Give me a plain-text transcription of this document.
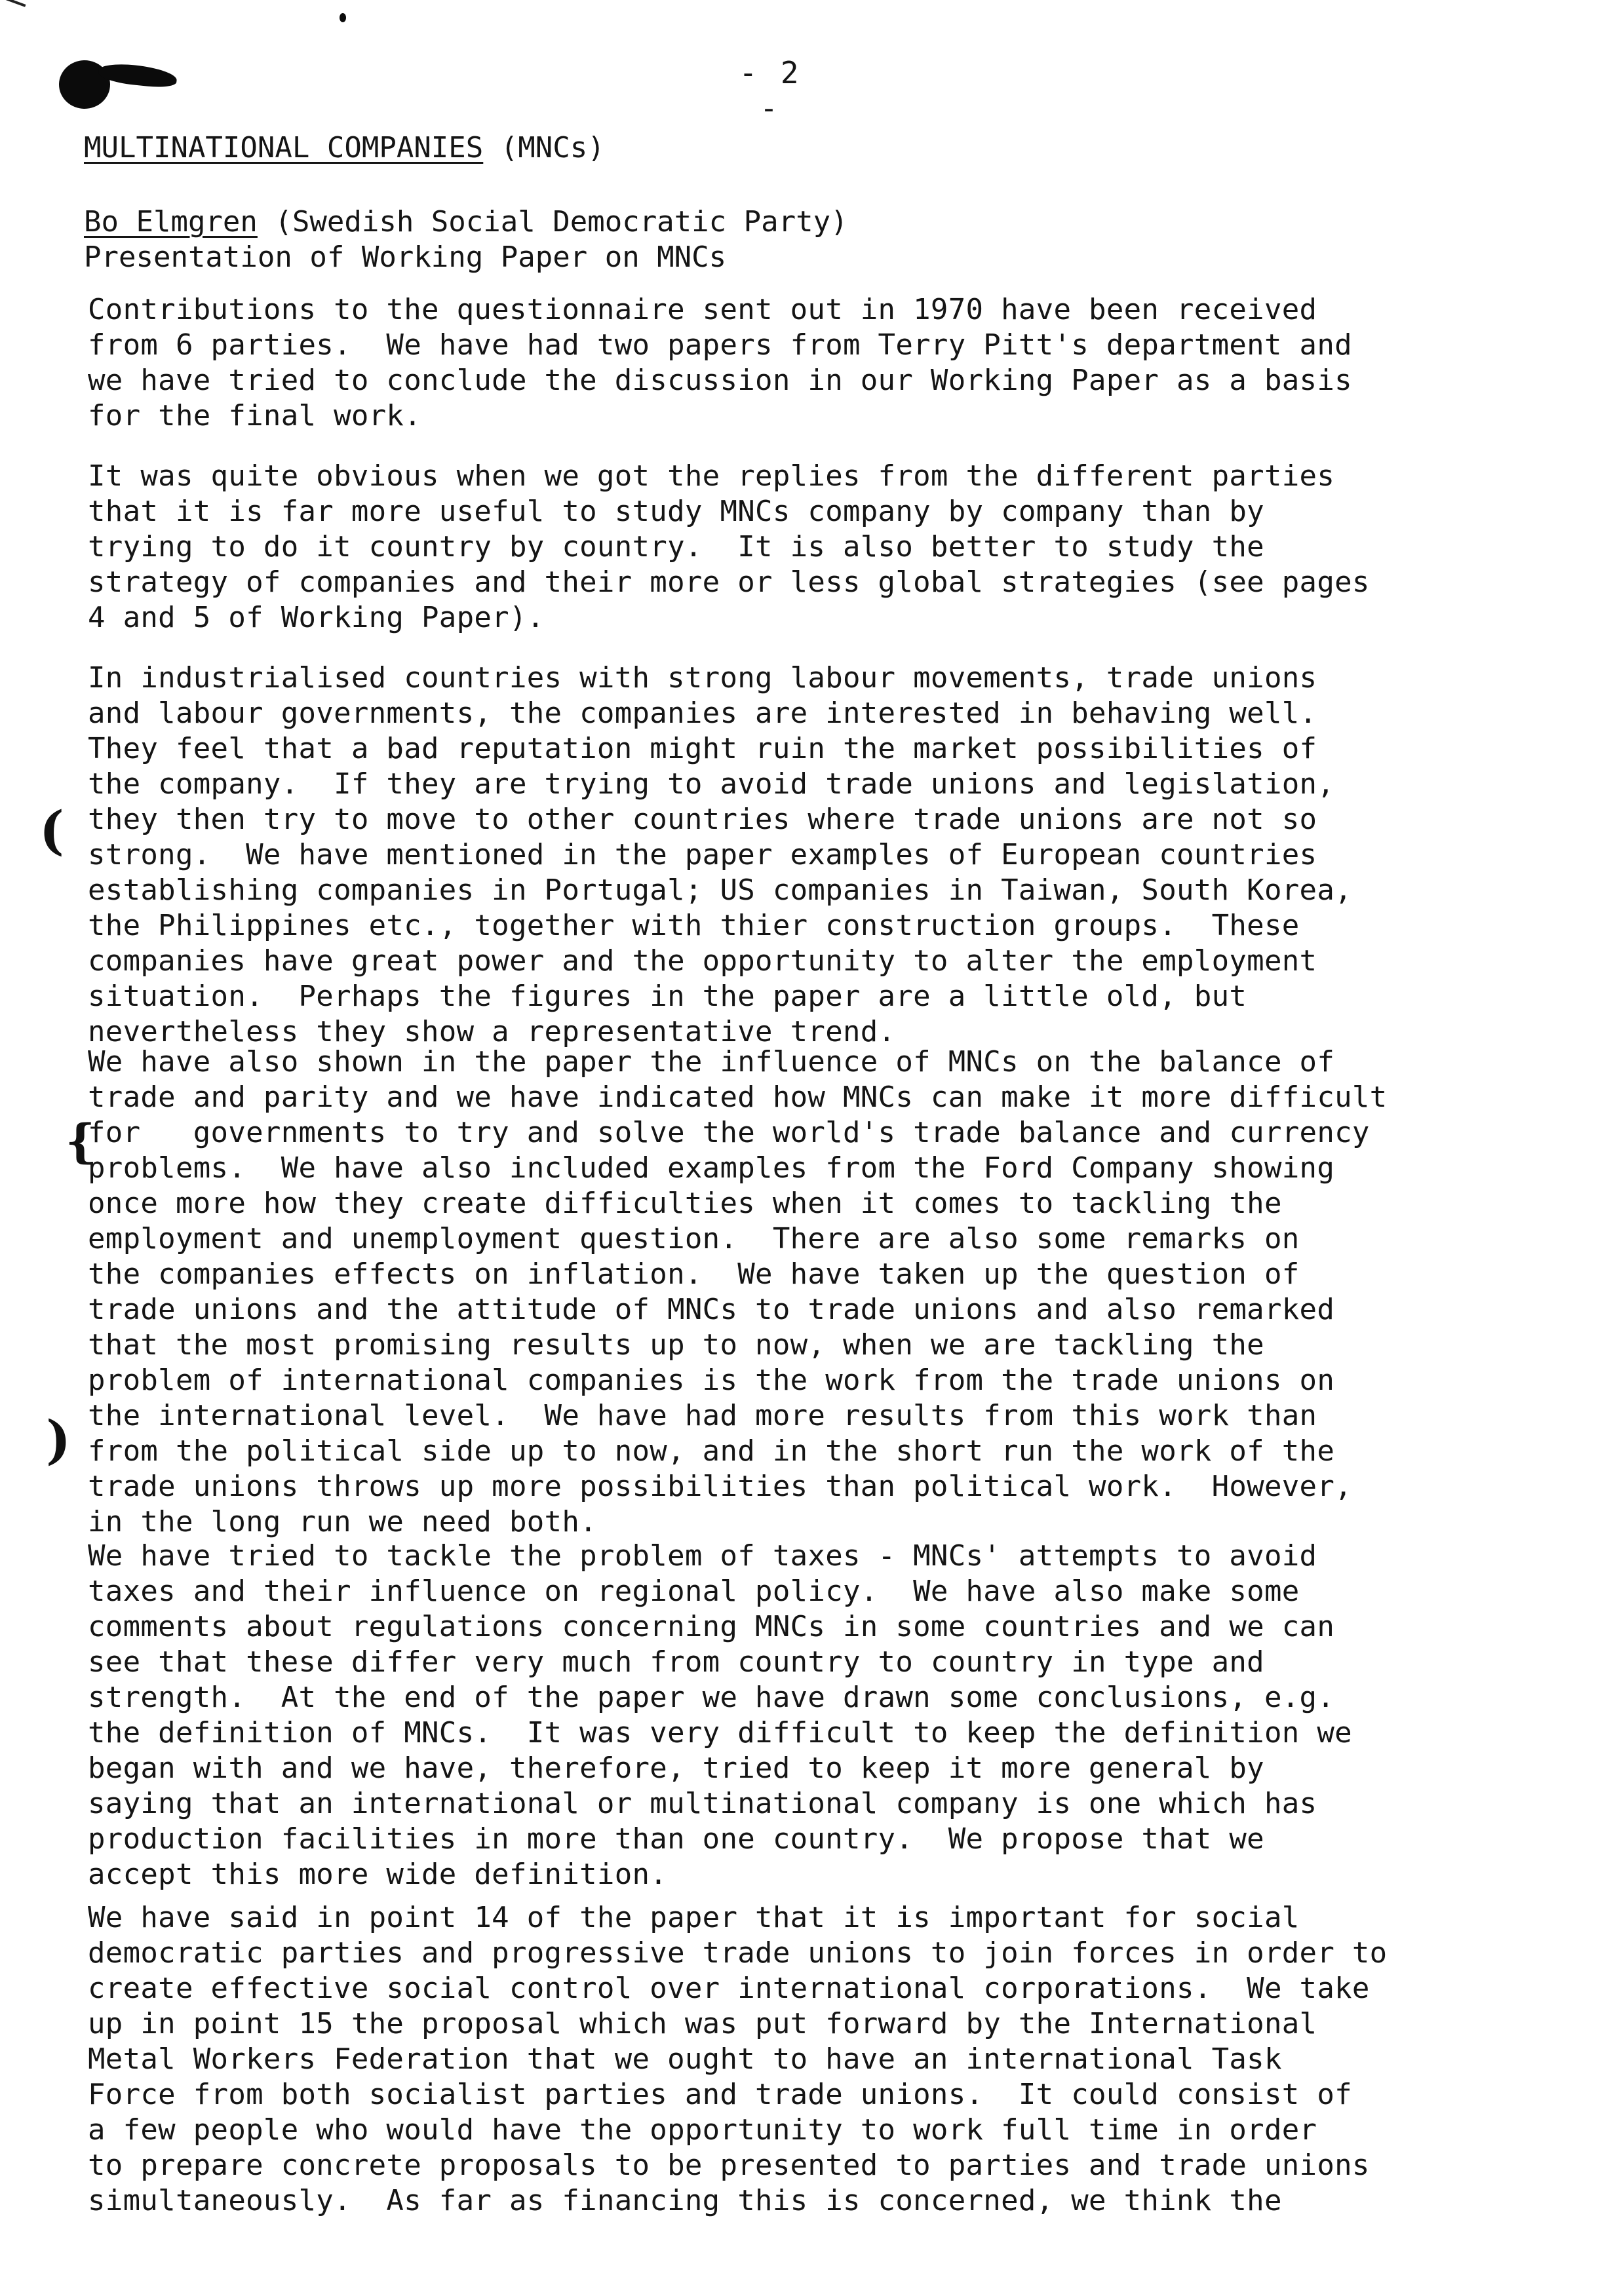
- 2 -
MULTINATIONAL COMPANIES (MNCs)
Bo Elmgren (Swedish Social Democratic Party)
Presentation of Working Paper on MNCs
Contributions to the questionnaire sent out in 1970 have been received
from 6 parties.  We have had two papers from Terry Pitt's department and
we have tried to conclude the discussion in our Working Paper as a basis
for the final work.
It was quite obvious when we got the replies from the different parties
that it is far more useful to study MNCs company by company than by
trying to do it country by country.  It is also better to study the
strategy of companies and their more or less global strategies (see pages
4 and 5 of Working Paper).
In industrialised countries with strong labour movements, trade unions
and labour governments, the companies are interested in behaving well.
They feel that a bad reputation might ruin the market possibilities of
the company.  If they are trying to avoid trade unions and legislation,
they then try to move to other countries where trade unions are not so
strong.  We have mentioned in the paper examples of European countries
establishing companies in Portugal; US companies in Taiwan, South Korea,
the Philippines etc., together with thier construction groups.  These
companies have great power and the opportunity to alter the employment
situation.  Perhaps the figures in the paper are a little old, but
nevertheless they show a representative trend.
We have also shown in the paper the influence of MNCs on the balance of
trade and parity and we have indicated how MNCs can make it more difficult
for   governments to try and solve the world's trade balance and currency
problems.  We have also included examples from the Ford Company showing
once more how they create difficulties when it comes to tackling the
employment and unemployment question.  There are also some remarks on
the companies effects on inflation.  We have taken up the question of
trade unions and the attitude of MNCs to trade unions and also remarked
that the most promising results up to now, when we are tackling the
problem of international companies is the work from the trade unions on
the international level.  We have had more results from this work than
from the political side up to now, and in the short run the work of the
trade unions throws up more possibilities than political work.  However,
in the long run we need both.
We have tried to tackle the problem of taxes - MNCs' attempts to avoid
taxes and their influence on regional policy.  We have also make some
comments about regulations concerning MNCs in some countries and we can
see that these differ very much from country to country in type and
strength.  At the end of the paper we have drawn some conclusions, e.g.
the definition of MNCs.  It was very difficult to keep the definition we
began with and we have, therefore, tried to keep it more general by
saying that an international or multinational company is one which has
production facilities in more than one country.  We propose that we
accept this more wide definition.
We have said in point 14 of the paper that it is important for social
democratic parties and progressive trade unions to join forces in order to
create effective social control over international corporations.  We take
up in point 15 the proposal which was put forward by the International
Metal Workers Federation that we ought to have an international Task
Force from both socialist parties and trade unions.  It could consist of
a few people who would have the opportunity to work full time in order
to prepare concrete proposals to be presented to parties and trade unions
simultaneously.  As far as financing this is concerned, we think the
(
{
(
